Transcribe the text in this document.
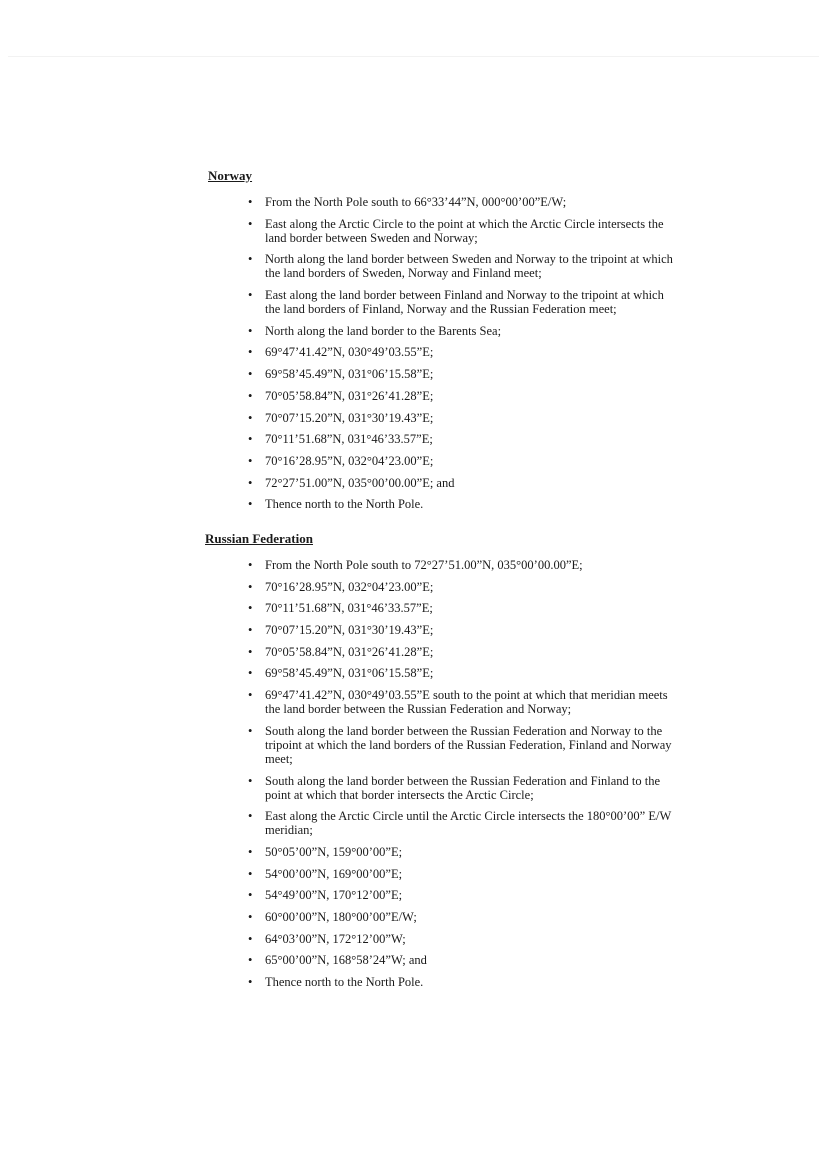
Norway
• From the North Pole south to 66°33’44”N, 000°00’00”E/W;
• East along the Arctic Circle to the point at which the Arctic Circle intersects the land border between Sweden and Norway;
• North along the land border between Sweden and Norway to the tripoint at which the land borders of Sweden, Norway and Finland meet;
• East along the land border between Finland and Norway to the tripoint at which the land borders of Finland, Norway and the Russian Federation meet;
• North along the land border to the Barents Sea;
• 69°47’41.42”N, 030°49’03.55”E;
• 69°58’45.49”N, 031°06’15.58”E;
• 70°05’58.84”N, 031°26’41.28”E;
• 70°07’15.20”N, 031°30’19.43”E;
• 70°11’51.68”N, 031°46’33.57”E;
• 70°16’28.95”N, 032°04’23.00”E;
• 72°27’51.00”N, 035°00’00.00”E; and
• Thence north to the North Pole.
Russian Federation
• From the North Pole south to 72°27’51.00”N, 035°00’00.00”E;
• 70°16’28.95”N, 032°04’23.00”E;
• 70°11’51.68”N, 031°46’33.57”E;
• 70°07’15.20”N, 031°30’19.43”E;
• 70°05’58.84”N, 031°26’41.28”E;
• 69°58’45.49”N, 031°06’15.58”E;
• 69°47’41.42”N, 030°49’03.55”E south to the point at which that meridian meets the land border between the Russian Federation and Norway;
• South along the land border between the Russian Federation and Norway to the tripoint at which the land borders of the Russian Federation, Finland and Norway meet;
• South along the land border between the Russian Federation and Finland to the point at which that border intersects the Arctic Circle;
• East along the Arctic Circle until the Arctic Circle intersects the 180°00’00” E/W meridian;
• 50°05’00”N, 159°00’00”E;
• 54°00’00”N, 169°00’00”E;
• 54°49’00”N, 170°12’00”E;
• 60°00’00”N, 180°00’00”E/W;
• 64°03’00”N, 172°12’00”W;
• 65°00’00”N, 168°58’24”W; and
• Thence north to the North Pole.
